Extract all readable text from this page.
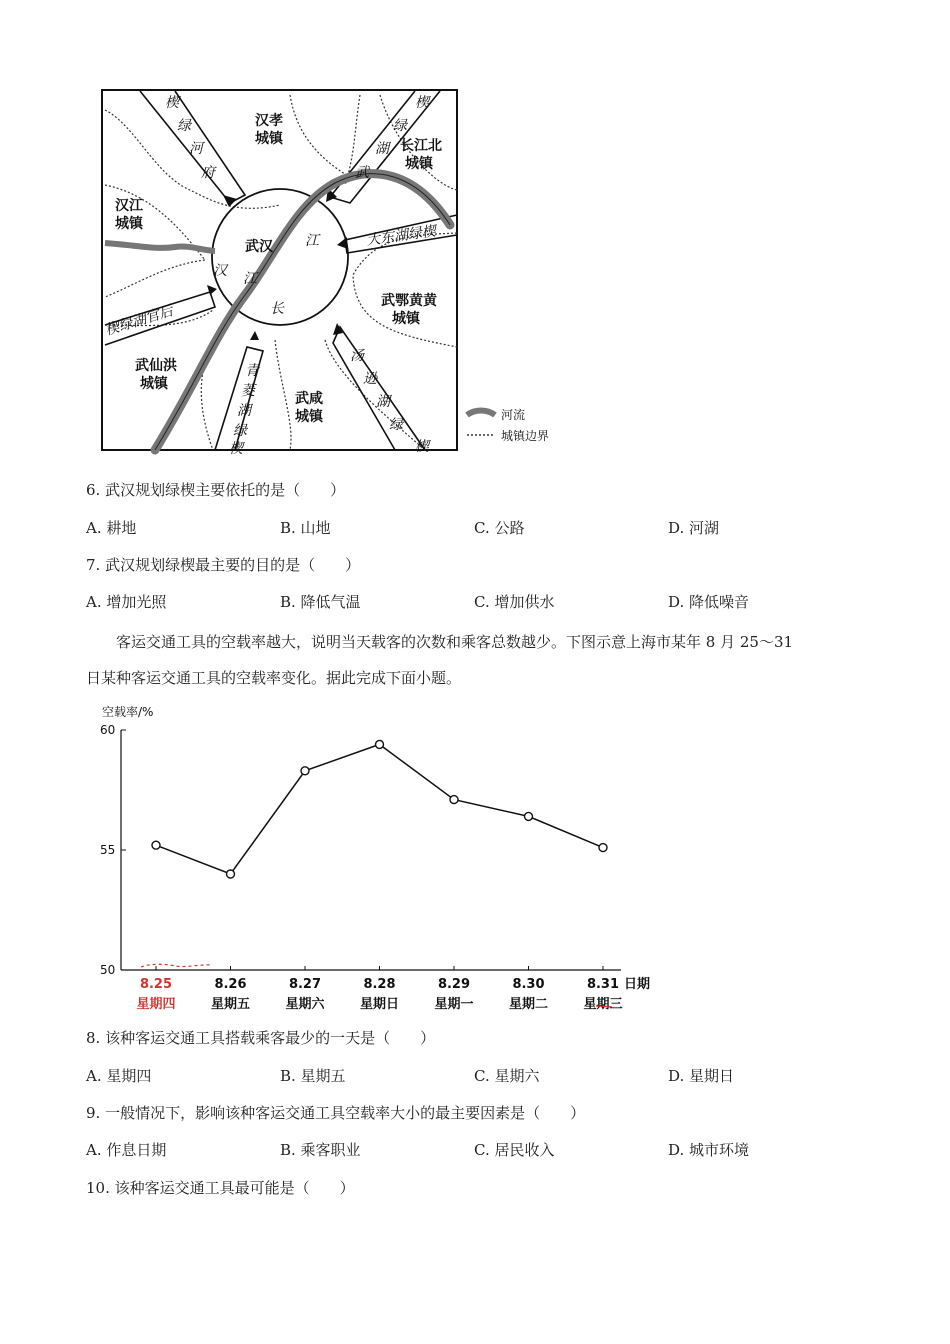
汉孝
城镇	长江北
城镇
汉江
城镇
武汉
武鄂黄黄
城镇
武仙洪
城镇
武咸
城镇
楔
绿
河
府
楔
绿
湖
武
大东湖绿楔
楔绿湖官后
青
菱
湖
绿
楔
汤
逊
湖
绿
楔
汉 江
江
长
河流
城镇边界
6. 武汉规划绿楔主要依托的是（　　）
A. 耕地	B. 山地	C. 公路	D. 河湖
7. 武汉规划绿楔最主要的目的是（　　）
A. 增加光照	B. 降低气温	C. 增加供水	D. 降低噪音
客运交通工具的空载率越大，说明当天载客的次数和乘客总数越少。下图示意上海市某年 8 月 25～31
日某种客运交通工具的空载率变化。据此完成下面小题。
空载率/%
日期
60
55
50
8.25
星期四
8.26
星期五
8.27
星期六
8.28
星期日
8.29
星期一
8.30
星期二
8.31
星期三
8. 该种客运交通工具搭载乘客最少的一天是（　　）
A. 星期四	B. 星期五	C. 星期六	D. 星期日
9. 一般情况下，影响该种客运交通工具空载率大小的最主要因素是（　　）
A. 作息日期	B. 乘客职业	C. 居民收入	D. 城市环境
10. 该种客运交通工具最可能是（　　）
